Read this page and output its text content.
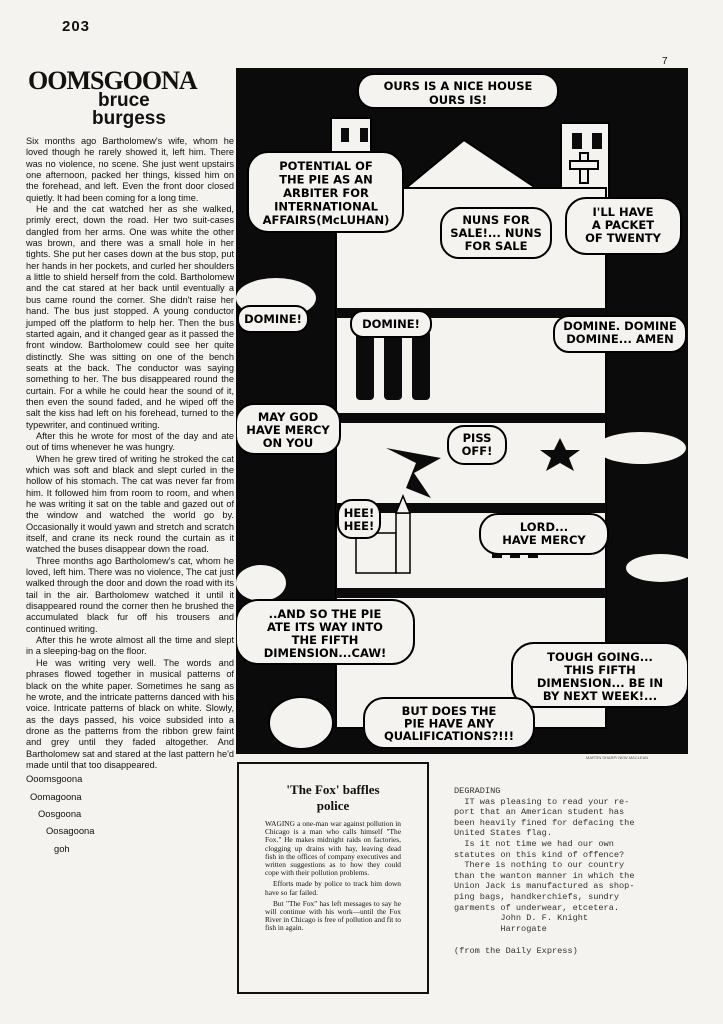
203
7
OOMSGOONA
bruce
burgess

Six months ago Bartholomew's wife, whom he loved though he rarely showed it, left him. There was no violence, no scene. She just went upstairs one afternoon, packed her things, kissed him on the forehead, and left. Even the front door closed quietly. It had been coming for a long time.

He and the cat watched her as she walked, primly erect, down the road. Her two suit-cases dangled from her arms. One was white the other was brown, and there was a small hole in her tights. She put her cases down at the bus stop, put her hands in her pockets, and curled her shoulders a little to shield herself from the cold. Bartholomew and the cat stared at her back until eventually a bus came round the corner. She didn't raise her hand. The bus just stopped. A young conductor jumped off the platform to help her. Then the bus started again, and it changed gear as it passed the front window. Bartholomew could see her quite distinctly. She was sitting on one of the bench seats at the back. The conductor was saying something to her. The bus disappeared round the curtain. For a while he could hear the sound of it, then even the sound faded, and he wiped off the salt the kiss had left on his forehead, turned to the typewriter, and continued writing.

After this he wrote for most of the day and ate out of tims whenever he was hungry.

When he grew tired of writing he stroked the cat which was soft and black and slept curled in the hollow of his stomach. The cat was never far from him. It followed him from room to room, and when he was writing it sat on the table and gazed out of the window and watched the world go by. Occasionally it would yawn and stretch and scratch itself, and crane its neck round the curtain as it watched the buses disappear down the road.

Three months ago Bartholomew's cat, whom he loved, left him. There was no violence, The cat just walked through the door and down the road with its tail in the air. Bartholomew watched it until it disappeared round the corner then he brushed the accumulated black fur off his trousers and continued writing.

After this he wrote almost all the time and slept in a sleeping-bag on the floor.

He was writing very well. The words and phrases flowed together in musical patterns of black on the white paper. Sometimes he sang as he wrote, and the intricate patterns danced with his voice. Intricate patterns of black on white. Slowly, as the days passed, his voice subsided into a drone as the patterns from the ribbon grew faint and grey until they faded altogether. And Bartholomew sat and stared at the last pattern he'd made until that too disappeared.

Ooomsgoona
Oomagoona
Oosgoona
Oosagoona
goh
OURS IS A NICE HOUSE OURS IS!
POTENTIAL OF THE PIE AS AN ARBITER FOR INTERNATIONAL AFFAIRS(McLUHAN)	NUNS FOR SALE!... NUNS FOR SALE
I'LL HAVE A PACKET OF TWENTY
DOMINE!	DOMINE!	DOMINE. DOMINE DOMINE... AMEN
MAY GOD HAVE MERCY ON YOU	PISS OFF!
HEE! HEE!	LORD... HAVE MERCY
..AND SO THE PIE ATE ITS WAY INTO THE FIFTH DIMENSION...CAW!	TOUGH GOING... THIS FIFTH DIMENSION... BE IN BY NEXT WEEK!...
BUT DOES THE PIE HAVE ANY QUALIFICATIONS?!!!
MARTIN SHARP/ NEW MACLEAN
'The Fox' baffles
police

WAGING a one-man war against pollution in Chicago is a man who calls himself "The Fox." He makes midnight raids on factories, clogging up drains with hay, leaving dead fish in the offices of company executives and written suggestions as to how they could cope with their pollution problems.

Efforts made by police to track him down have so far failed.

But "The Fox" has left messages to say he will continue with his work—until the Fox River in Chicago is free of pollution and fit to fish in again.

DEGRADING
IT was pleasing to read your re-
port that an American student has
been heavily fined for defacing the
United States flag.
Is it not time we had our own
statutes on this kind of offence?
There is nothing to our country
than the wanton manner in which the
Union Jack is manufactured as shop-
ping bags, handkerchiefs, sundry
garments of underwear, etcetera.
John D. F. Knight
Harrogate
(from the Daily Express)
